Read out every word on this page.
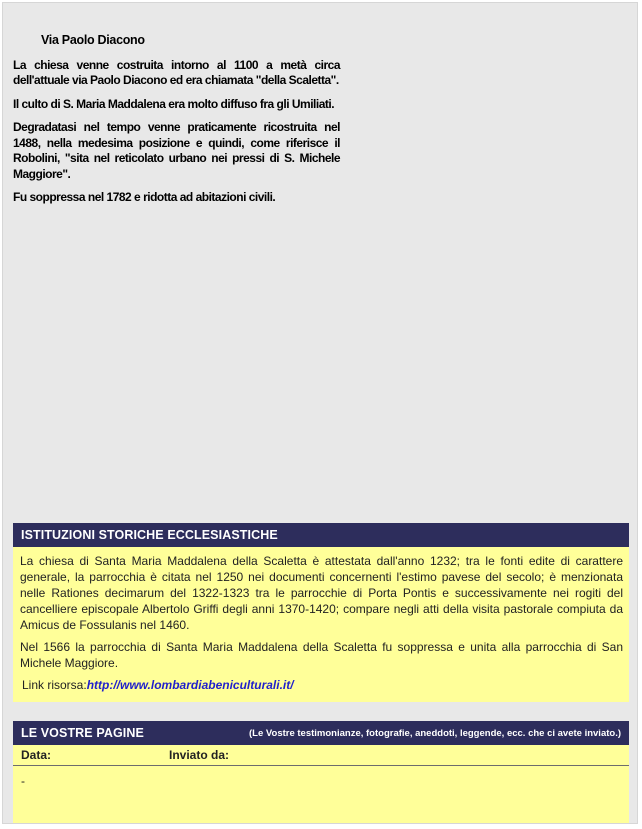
Via Paolo Diacono

La chiesa venne costruita intorno al 1100 a metà circa dell'attuale via Paolo Diacono ed era chiamata "della Scaletta".

Il culto di S. Maria Maddalena era molto diffuso fra gli Umiliati.

Degradatasi nel tempo venne praticamente ricostruita nel 1488, nella medesima posizione e quindi, come riferisce il Robolini, "sita nel reticolato urbano nei pressi di S. Michele Maggiore".

Fu soppressa nel 1782 e ridotta ad abitazioni civili.

ISTITUZIONI STORICHE ECCLESIASTICHE

La chiesa di Santa Maria Maddalena della Scaletta è attestata dall'anno 1232; tra le fonti edite di carattere generale, la parrocchia è citata nel 1250 nei documenti concernenti l'estimo pavese del secolo; è menzionata nelle Rationes decimarum del 1322-1323 tra le parrocchie di Porta Pontis e successivamente nei rogiti del cancelliere episcopale Albertolo Griffi degli anni 1370-1420; compare negli atti della visita pastorale compiuta da Amicus de Fossulanis nel 1460.

Nel 1566 la parrocchia di Santa Maria Maddalena della Scaletta fu soppressa e unita alla parrocchia di San Michele Maggiore.

Link risorsa:http://www.lombardiabeniculturali.it/
LE VOSTRE PAGINE	(Le Vostre testimonianze, fotografie, aneddoti, leggende, ecc. che ci avete inviato.)
Data:	Inviato da:
-
